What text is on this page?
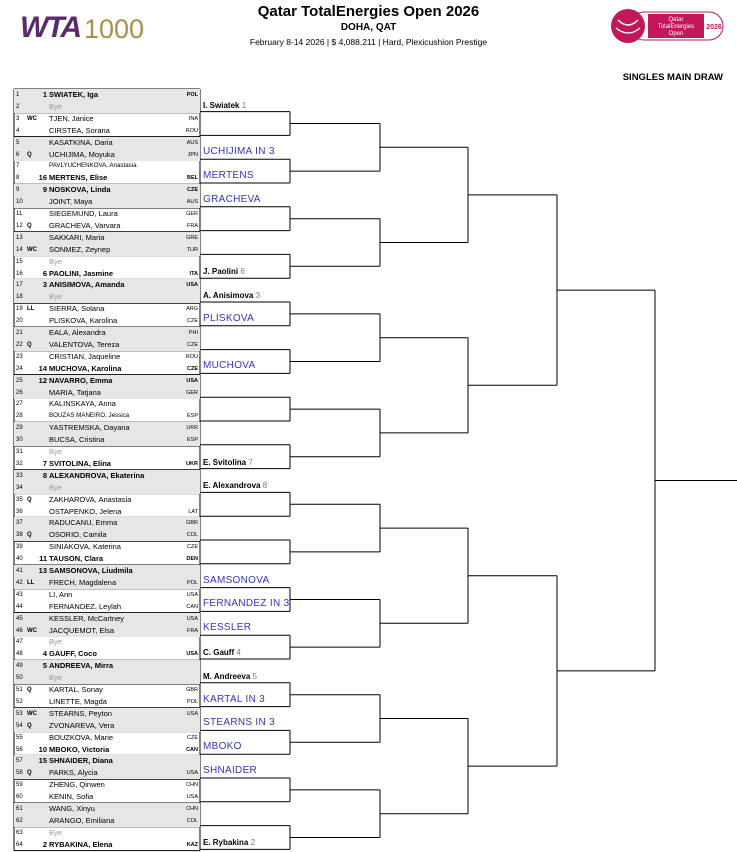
WTA 1000
Qatar TotalEnergies Open 2026
DOHA, QAT
February 8-14 2026 | $ 4,088,211 | Hard, Plexicushion Prestige
Qatar
TotalEnergies
Open
2026
SINGLES MAIN DRAW
1	1 SWIATEK, Iga	POL
2	Bye
3	WC	TJEN, Janice	INA
4	CIRSTEA, Sorana	ROU
5	KASATKINA, Daria	AUS
6	Q	UCHIJIMA, Moyuka	JPN
7	PAVLYUCHENKOVA, Anastasia
8	16 MERTENS, Elise	BEL
9	9 NOSKOVA, Linda	CZE
10	JOINT, Maya	AUS
11	SIEGEMUND, Laura	GER
12 Q	GRACHEVA, Varvara	FRA
13	SAKKARI, Maria	GRE
14 WC	SONMEZ, Zeynep	TUR
15	Bye
16	6 PAOLINI, Jasmine	ITA
17	3 ANISIMOVA, Amanda	USA
18	Bye
19 LL	SIERRA, Solana	ARG
20	PLISKOVA, Karolina	CZE
21	EALA, Alexandra	PHI
22 Q	VALENTOVA, Tereza	CZE
23	CRISTIAN, Jaqueline	ROU
24	14 MUCHOVA, Karolina	CZE
25	12 NAVARRO, Emma	USA
26	MARIA, Tatjana	GER
27	KALINSKAYA, Anna
28	BOUZAS MANEIRO, Jessica	ESP
29	YASTREMSKA, Dayana	UKR
30	BUCSA, Cristina	ESP
31	Bye
32	7 SVITOLINA, Elina	UKR
33	8 ALEXANDROVA, Ekaterina
34	Bye
35 Q	ZAKHAROVA, Anastasia
36	OSTAPENKO, Jelena	LAT
37	RADUCANU, Emma	GBR
38 Q	OSORIO, Camila	COL
39	SINIAKOVA, Katerina	CZE
40	11 TAUSON, Clara	DEN
41	13 SAMSONOVA, Liudmila
42 LL	FRECH, Magdalena	POL
43	LI, Ann	USA
44	FERNANDEZ, Leylah	CAN
45	KESSLER, McCartney	USA
46 WC	JACQUEMOT, Elsa	FRA
47	Bye
48	4 GAUFF, Coco	USA
49	5 ANDREEVA, Mirra
50	Bye
51 Q	KARTAL, Sonay	GBR
52	LINETTE, Magda	POL
53 WC	STEARNS, Peyton	USA
54 Q	ZVONAREVA, Vera
55	BOUZKOVA, Marie	CZE
56	10 MBOKO, Victoria	CAN
57	15 SHNAIDER, Diana
58 Q	PARKS, Alycia	USA
59	ZHENG, Qinwen	CHN
60	KENIN, Sofia	USA
61	WANG, Xinyu	CHN
62	ARANGO, Emiliana	COL
63	Bye
64	2 RYBAKINA, Elena	KAZ
I. Swiatek 1
UCHIJIMA IN 3
MERTENS
GRACHEVA
J. Paolini 6
A. Anisimova 3
PLISKOVA
MUCHOVA
E. Svitolina 7
E. Alexandrova 8
SAMSONOVA
FERNANDEZ IN 3
KESSLER
C. Gauff 4
M. Andreeva 5
KARTAL IN 3
STEARNS IN 3
MBOKO
SHNAIDER
E. Rybakina 2
